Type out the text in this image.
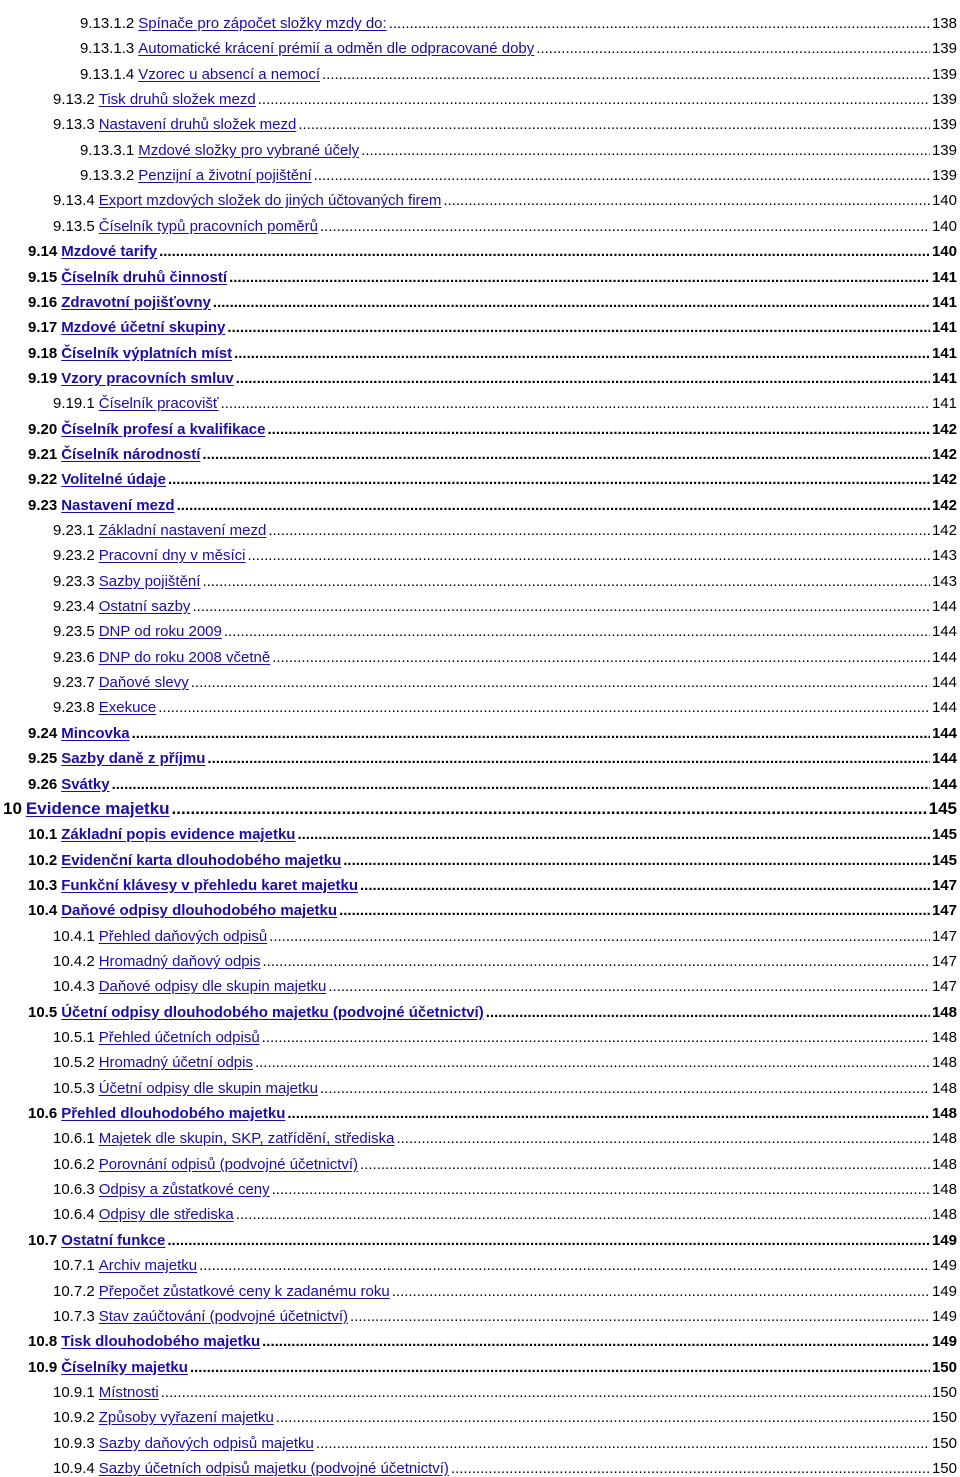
9.13.1.2 Spínače pro zápočet složky mzdy do: .....	138
9.13.1.3 Automatické krácení prémií a odměn dle odpracované doby .....	139
9.13.1.4 Vzorec u absencí a nemocí .....	139
9.13.2 Tisk druhů složek mezd .....	139
9.13.3 Nastavení druhů složek mezd .....	139
9.13.3.1 Mzdové složky pro vybrané účely .....	139
9.13.3.2 Penzijní a životní pojištění .....	139
9.13.4 Export mzdových složek do jiných účtovaných firem .....	140
9.13.5 Číselník typů pracovních poměrů .....	140
9.14 Mzdové tarify .....	140
9.15 Číselník druhů činností .....	141
9.16 Zdravotní pojišťovny .....	141
9.17 Mzdové účetní skupiny .....	141
9.18 Číselník výplatních míst .....	141
9.19 Vzory pracovních smluv .....	141
9.19.1 Číselník pracovišť .....	141
9.20 Číselník profesí a kvalifikace .....	142
9.21 Číselník národností .....	142
9.22 Volitelné údaje .....	142
9.23 Nastavení mezd .....	142
9.23.1 Základní nastavení mezd .....	142
9.23.2 Pracovní dny v měsíci .....	143
9.23.3 Sazby pojištění .....	143
9.23.4 Ostatní sazby .....	144
9.23.5 DNP od roku 2009 .....	144
9.23.6 DNP do roku 2008 včetně .....	144
9.23.7 Daňové slevy .....	144
9.23.8 Exekuce .....	144
9.24 Mincovka .....	144
9.25 Sazby daně z příjmu .....	144
9.26 Svátky .....	144
10 Evidence majetku .....	145
10.1 Základní popis evidence majetku .....	145
10.2 Evidenční karta dlouhodobého majetku .....	145
10.3 Funkční klávesy v přehledu karet majetku .....	147
10.4 Daňové odpisy dlouhodobého majetku .....	147
10.4.1 Přehled daňových odpisů .....	147
10.4.2 Hromadný daňový odpis .....	147
10.4.3 Daňové odpisy dle skupin majetku .....	147
10.5 Účetní odpisy dlouhodobého majetku (podvojné účetnictví) .....	148
10.5.1 Přehled účetních odpisů .....	148
10.5.2 Hromadný účetní odpis .....	148
10.5.3 Účetní odpisy dle skupin majetku .....	148
10.6 Přehled dlouhodobého majetku .....	148
10.6.1 Majetek dle skupin, SKP, zatřídění, střediska .....	148
10.6.2 Porovnání odpisů (podvojné účetnictví) .....	148
10.6.3 Odpisy a zůstatkové ceny .....	148
10.6.4 Odpisy dle střediska .....	148
10.7 Ostatní funkce .....	149
10.7.1 Archiv majetku .....	149
10.7.2 Přepočet zůstatkové ceny k zadanému roku .....	149
10.7.3 Stav zaúčtování (podvojné účetnictví) .....	149
10.8 Tisk dlouhodobého majetku .....	149
10.9 Číselníky majetku .....	150
10.9.1 Místnosti .....	150
10.9.2 Způsoby vyřazení majetku .....	150
10.9.3 Sazby daňových odpisů majetku .....	150
10.9.4 Sazby účetních odpisů majetku (podvojné účetnictví) .....	150
